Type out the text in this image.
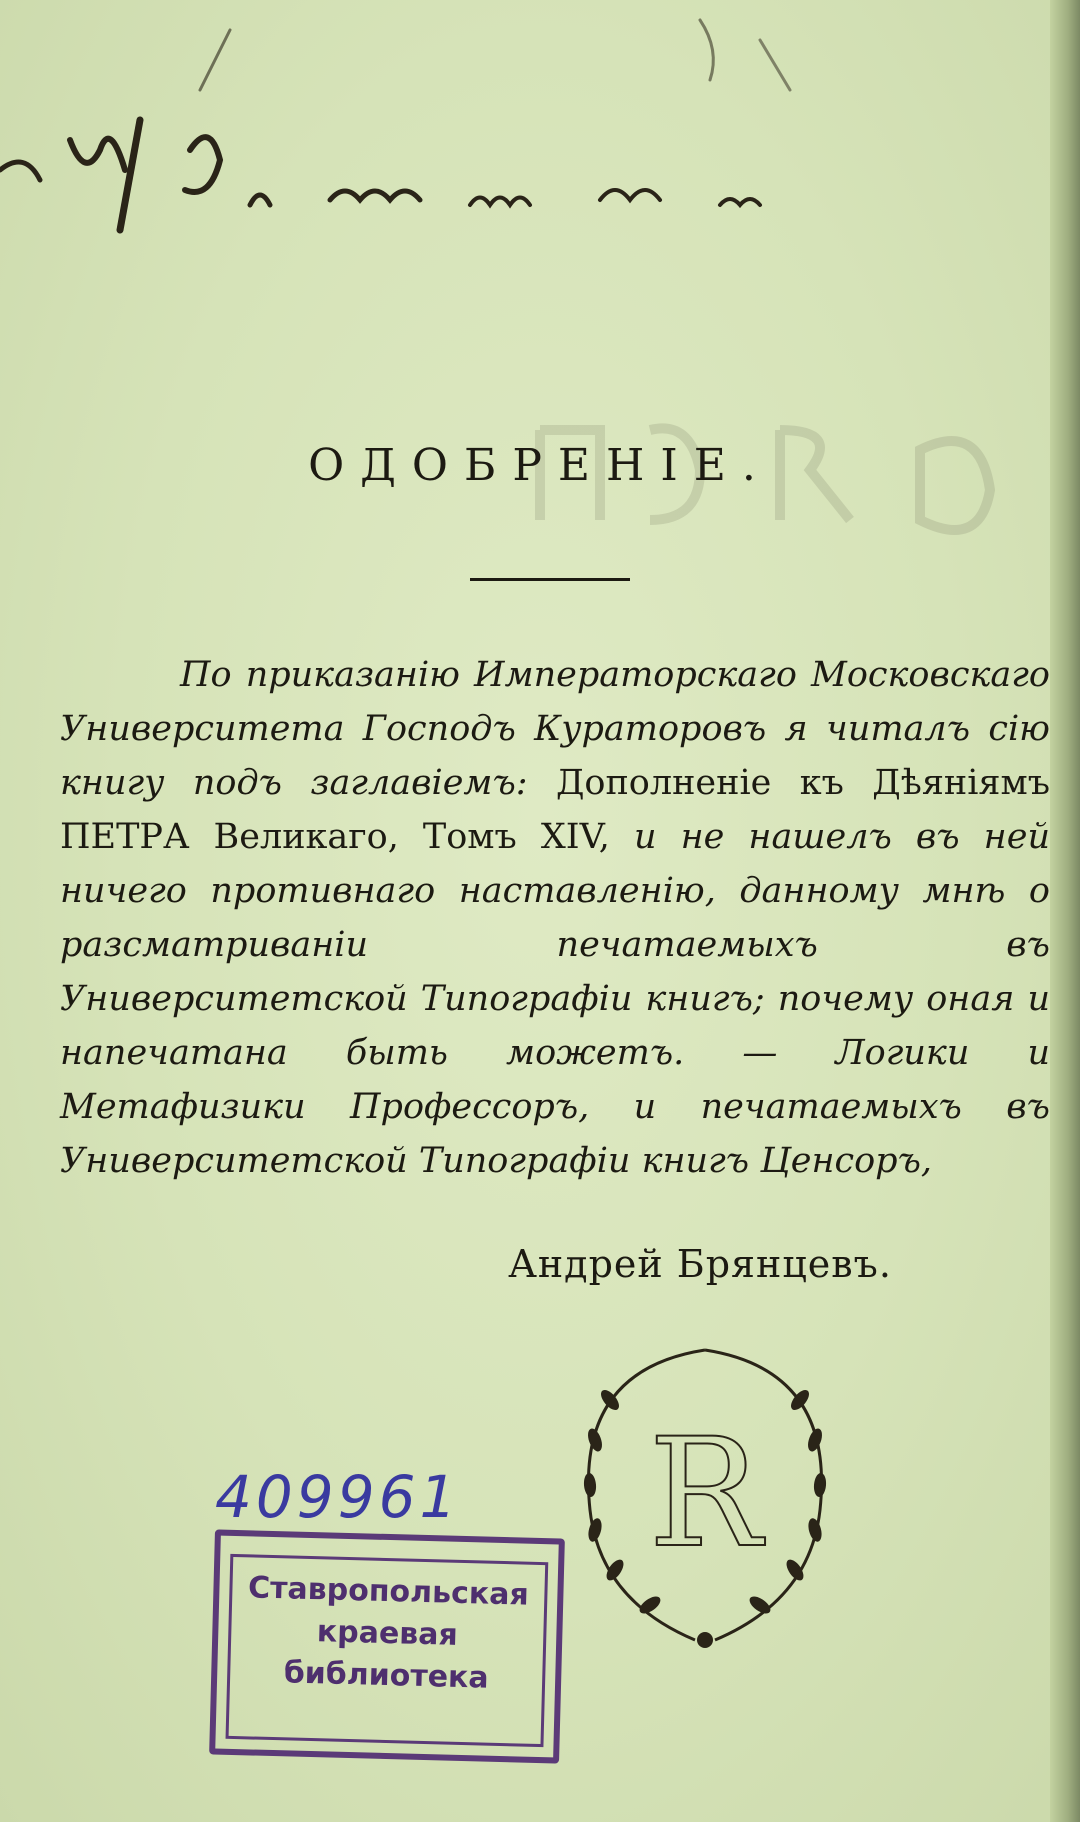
ОДОБРЕНІЕ.
По приказанію Императорскаго Московскаго Университета Господъ Кураторовъ я читалъ сію книгу подъ заглавіемъ: Дополненіе къ Дѣяніямъ ПЕТРА Великаго, Томъ XIV, и не нашелъ въ ней ничего противнаго наставленію, данному мнѣ о разсматриваніи печатаемыхъ въ Университетской Типографіи книгъ; почему оная и напечатана быть можетъ. — Логики и Метафизики Профессоръ, и печатаемыхъ въ Университетской Типографіи книгъ Ценсоръ,
Андрей Брянцевъ.
R
409961
Ставропольская
краевая
библиотека
